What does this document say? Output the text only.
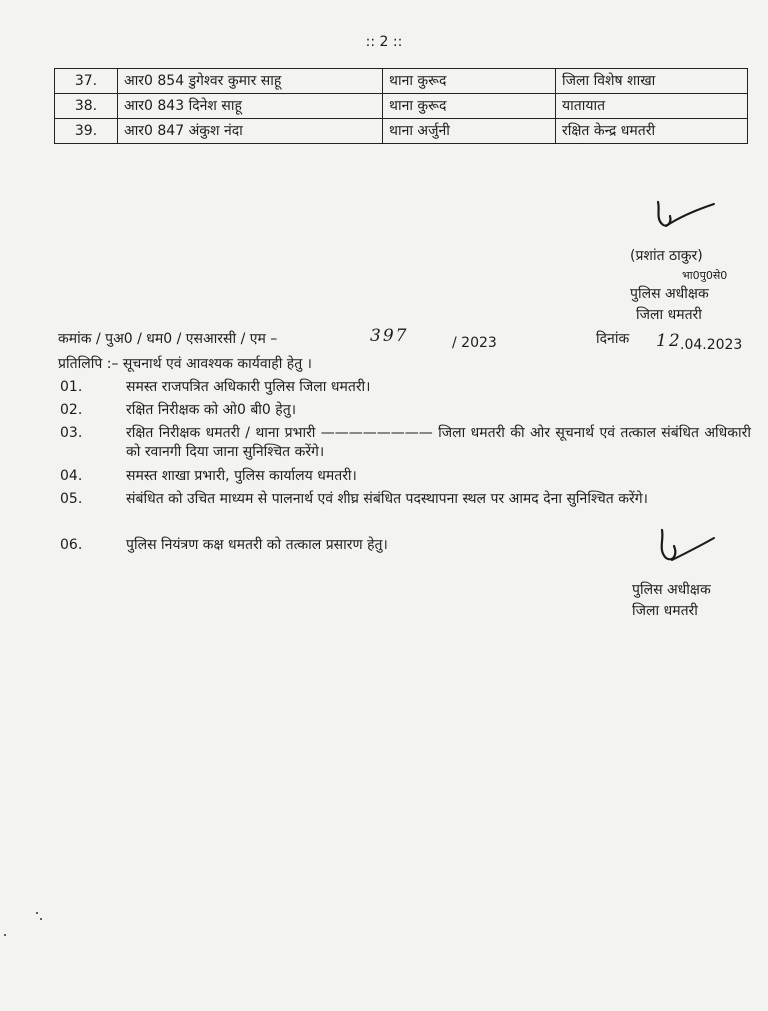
:: 2 ::
37.	आर0 854 डुगेश्वर कुमार साहू	थाना कुरूद	जिला विशेष शाखा
38.	आर0 843 दिनेश साहू	थाना कुरूद	यातायात
39.	आर0 847 अंकुश नंदा	थाना अर्जुनी	रक्षित केन्द्र धमतरी
(प्रशांत ठाकुर)
भा0पु0से0
पुलिस अधीक्षक
जिला धमतरी
कमांक / पुअ0 / धम0 / एसआरसी / एम –	397	/ 2023	दिनांक 12
.04.2023
प्रतिलिपि :– सूचनार्थ एवं आवश्यक कार्यवाही हेतु ।
01.	समस्त राजपत्रित अधिकारी पुलिस जिला धमतरी।
02.	रक्षित निरीक्षक को ओ0 बी0 हेतु।
03.	रक्षित निरीक्षक धमतरी / थाना प्रभारी ———————— जिला धमतरी की ओर सूचनार्थ एवं तत्काल संबंधित अधिकारी को रवानगी दिया जाना सुनिश्चित करेंगे।
04.	समस्त शाखा प्रभारी, पुलिस कार्यालय धमतरी।
05.	संबंधित को उचित माध्यम से पालनार्थ एवं शीघ्र संबंधित पदस्थापना स्थल पर आमद देना सुनिश्चित करेंगे।
06.	पुलिस नियंत्रण कक्ष धमतरी को तत्काल प्रसारण हेतु।
पुलिस अधीक्षक
जिला धमतरी
